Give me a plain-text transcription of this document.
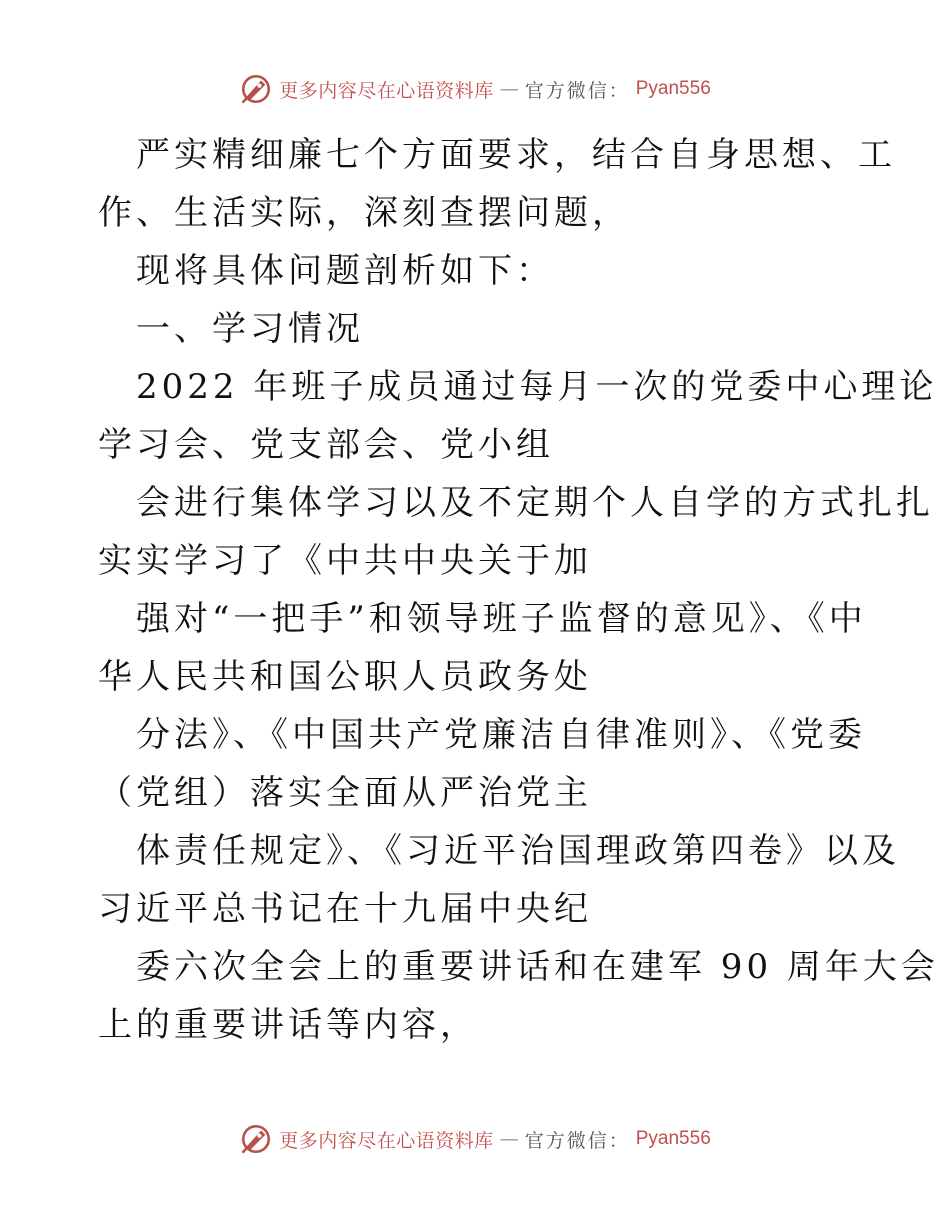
更多内容尽在心语资料库 — 官方微信： Pyan556
严实精细廉七个方面要求，结合自身思想、工
作、生活实际，深刻查摆问题，
现将具体问题剖析如下：
一、学习情况
2022 年班子成员通过每月一次的党委中心理论
学习会、党支部会、党小组
会进行集体学习以及不定期个人自学的方式扎扎
实实学习了《中共中央关于加
强对“一把手”和领导班子监督的意见》、《中
华人民共和国公职人员政务处
分法》、《中国共产党廉洁自律准则》、《党委
（党组）落实全面从严治党主
体责任规定》、《习近平治国理政第四卷》以及
习近平总书记在十九届中央纪
委六次全会上的重要讲话和在建军 90 周年大会
上的重要讲话等内容，
更多内容尽在心语资料库 — 官方微信： Pyan556
